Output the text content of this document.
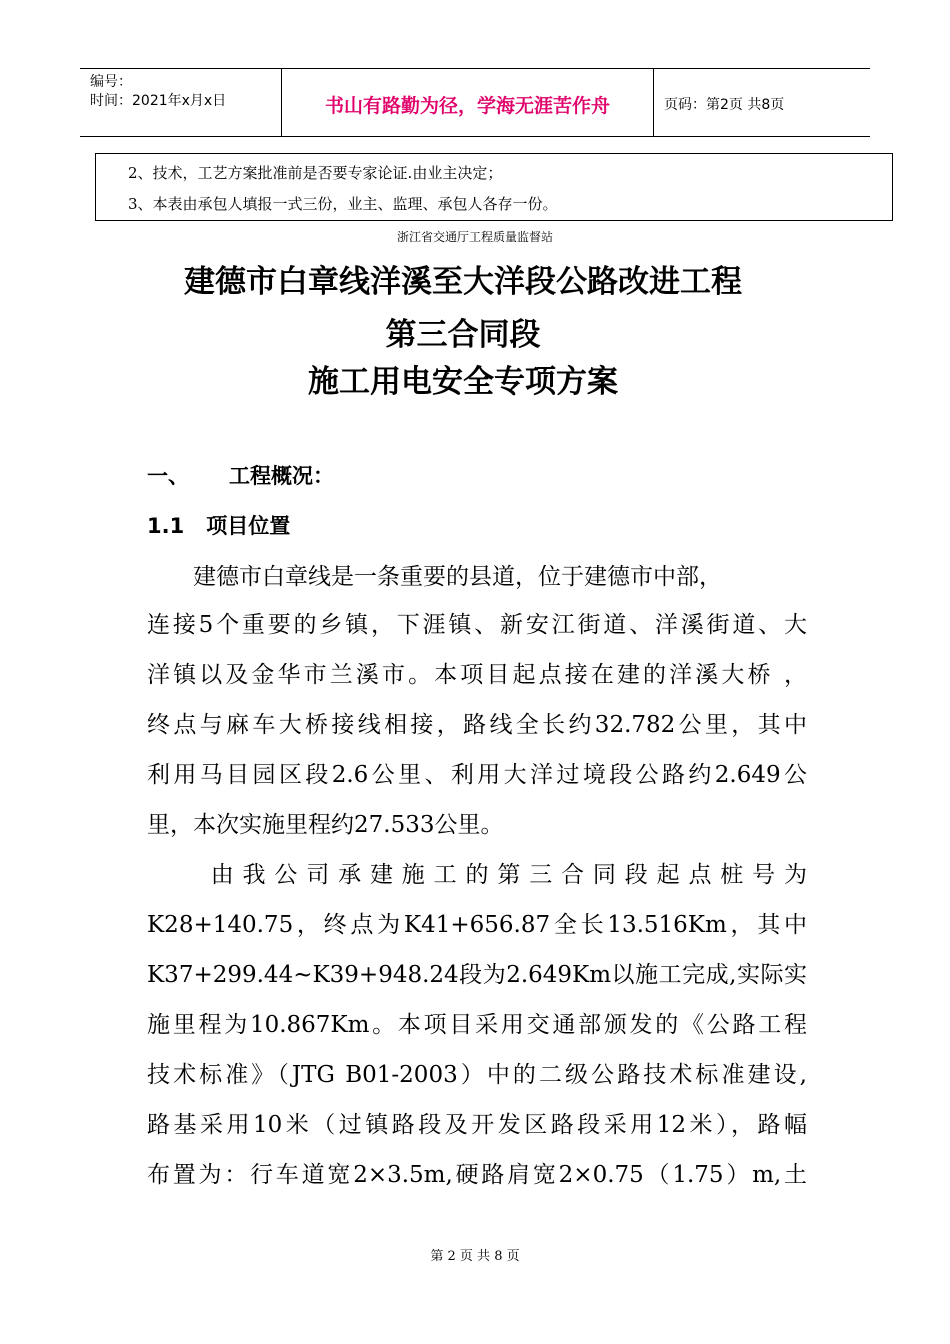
编号：
时间：2021年x月x日	书山有路勤为径，学海无涯苦作舟	页码：第2页 共8页
2、技术，工艺方案批准前是否要专家论证.由业主决定；
3、本表由承包人填报一式三份，业主、监理、承包人各存一份。
浙江省交通厅工程质量监督站
建德市白章线洋溪至大洋段公路改进工程
第三合同段
施工用电安全专项方案
一、 工程概况：
1.1 项目位置
　　建德市白章线是一条重要的县道，位于建德市中部，
连接5个重要的乡镇，下涯镇、新安江街道、洋溪街道、大
洋镇以及金华市兰溪市。本项目起点接在建的洋溪大桥 ，
终点与麻车大桥接线相接，路线全长约32.782公里，其中
利用马目园区段2.6公里、利用大洋过境段公路约2.649公
里，本次实施里程约27.533公里。
　　由我公司承建施工的第三合同段起点桩号为
K28+140.75，终点为K41+656.87全长13.516Km，其中
K37+299.44~K39+948.24段为2.649Km以施工完成,实际实
施里程为10.867Km。本项目采用交通部颁发的《公路工程
技术标准》（JTG B01-2003）中的二级公路技术标准建设,
路基采用10米（过镇路段及开发区路段采用12米），路幅
布置为：行车道宽2×3.5m,硬路肩宽2×0.75（1.75）m,土
第 2 页 共 8 页
